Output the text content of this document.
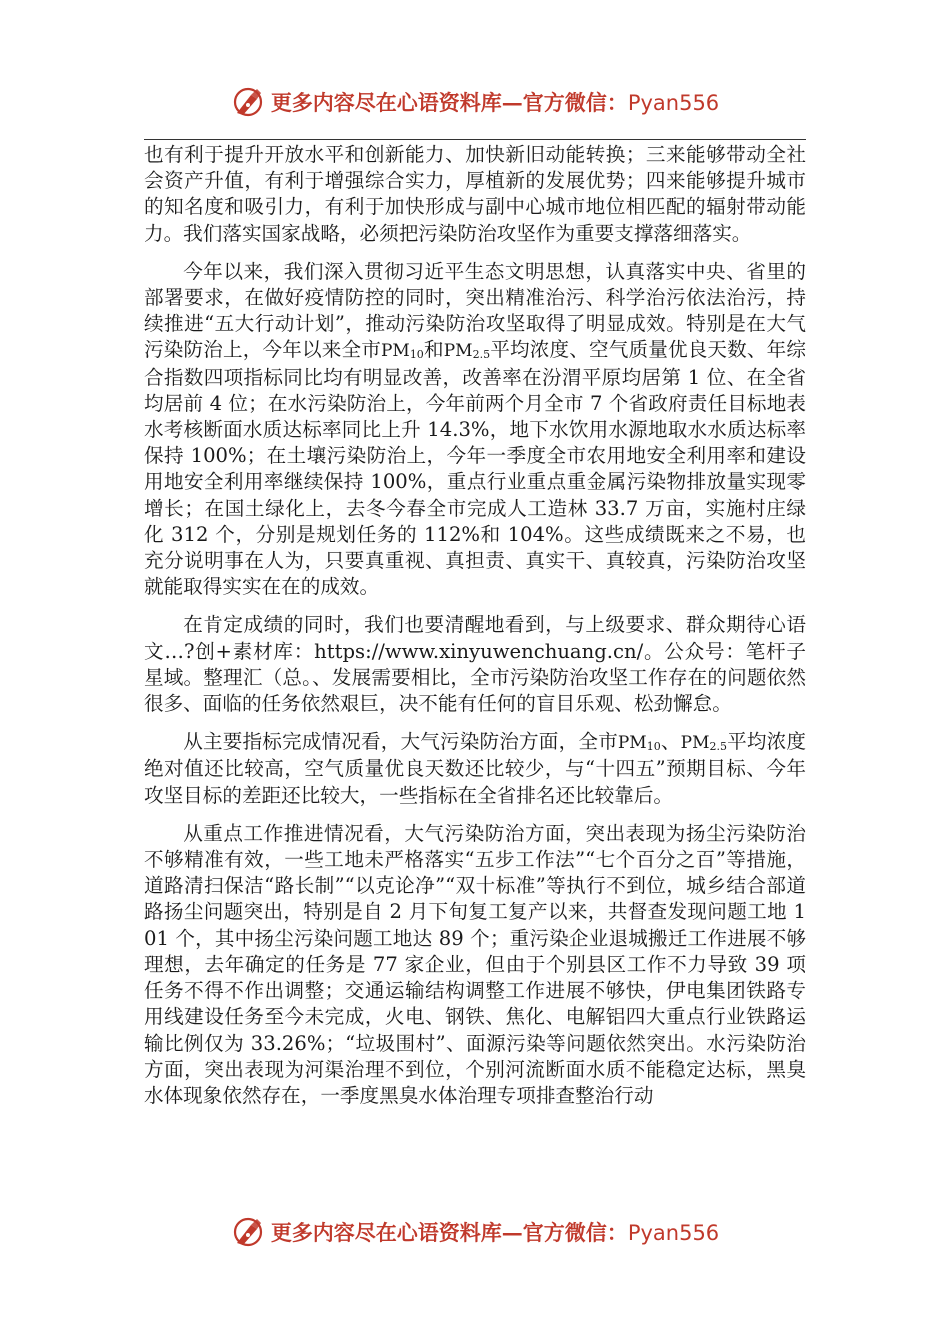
更多内容尽在心语资料库—官方微信：Pyan556

也有利于提升开放水平和创新能力、加快新旧动能转换；三来能够带动全社会资产升值，有利于增强综合实力，厚植新的发展优势；四来能够提升城市的知名度和吸引力，有利于加快形成与副中心城市地位相匹配的辐射带动能力。我们落实国家战略，必须把污染防治攻坚作为重要支撑落细落实。

今年以来，我们深入贯彻习近平生态文明思想，认真落实中央、省里的部署要求，在做好疫情防控的同时，突出精准治污、科学治污依法治污，持续推进“五大行动计划”，推动污染防治攻坚取得了明显成效。特别是在大气污染防治上，今年以来全市$PM_{10}$和$PM_{2.5}$平均浓度、空气质量优良天数、年综合指数四项指标同比均有明显改善，改善率在汾渭平原均居第 1 位、在全省均居前 4 位；在水污染防治上，今年前两个月全市 7 个省政府责任目标地表水考核断面水质达标率同比上升 14.3%，地下水饮用水源地取水水质达标率保持 100%；在土壤污染防治上，今年一季度全市农用地安全利用率和建设用地安全利用率继续保持 100%，重点行业重点重金属污染物排放量实现零增长；在国土绿化上，去冬今春全市完成人工造林 33.7 万亩，实施村庄绿化 312 个，分别是规划任务的 112%和 104%。这些成绩既来之不易，也充分说明事在人为，只要真重视、真担责、真实干、真较真，污染防治攻坚就能取得实实在在的成效。

在肯定成绩的同时，我们也要清醒地看到，与上级要求、群众期待心语文…?创+素材库：https://www.xinyuwenchuang.cn/。公众号：笔杆子星域。整理汇（总。、发展需要相比，全市污染防治攻坚工作存在的问题依然很多、面临的任务依然艰巨，决不能有任何的盲目乐观、松劲懈怠。

从主要指标完成情况看，大气污染防治方面，全市$PM_{10}$、$PM_{2.5}$平均浓度绝对值还比较高，空气质量优良天数还比较少，与“十四五”预期目标、今年攻坚目标的差距还比较大，一些指标在全省排名还比较靠后。

从重点工作推进情况看，大气污染防治方面，突出表现为扬尘污染防治不够精准有效，一些工地未严格落实“五步工作法”“七个百分之百”等措施，道路清扫保洁“路长制”“以克论净”“双十标准”等执行不到位，城乡结合部道路扬尘问题突出，特别是自 2 月下旬复工复产以来，共督查发现问题工地 101 个，其中扬尘污染问题工地达 89 个；重污染企业退城搬迁工作进展不够理想，去年确定的任务是 77 家企业，但由于个别县区工作不力导致 39 项任务不得不作出调整；交通运输结构调整工作进展不够快，伊电集团铁路专用线建设任务至今未完成，火电、钢铁、焦化、电解铝四大重点行业铁路运输比例仅为 33.26%；“垃圾围村”、面源污染等问题依然突出。水污染防治方面，突出表现为河渠治理不到位，个别河流断面水质不能稳定达标，黑臭水体现象依然存在，一季度黑臭水体治理专项排查整治行动

更多内容尽在心语资料库—官方微信：Pyan556
